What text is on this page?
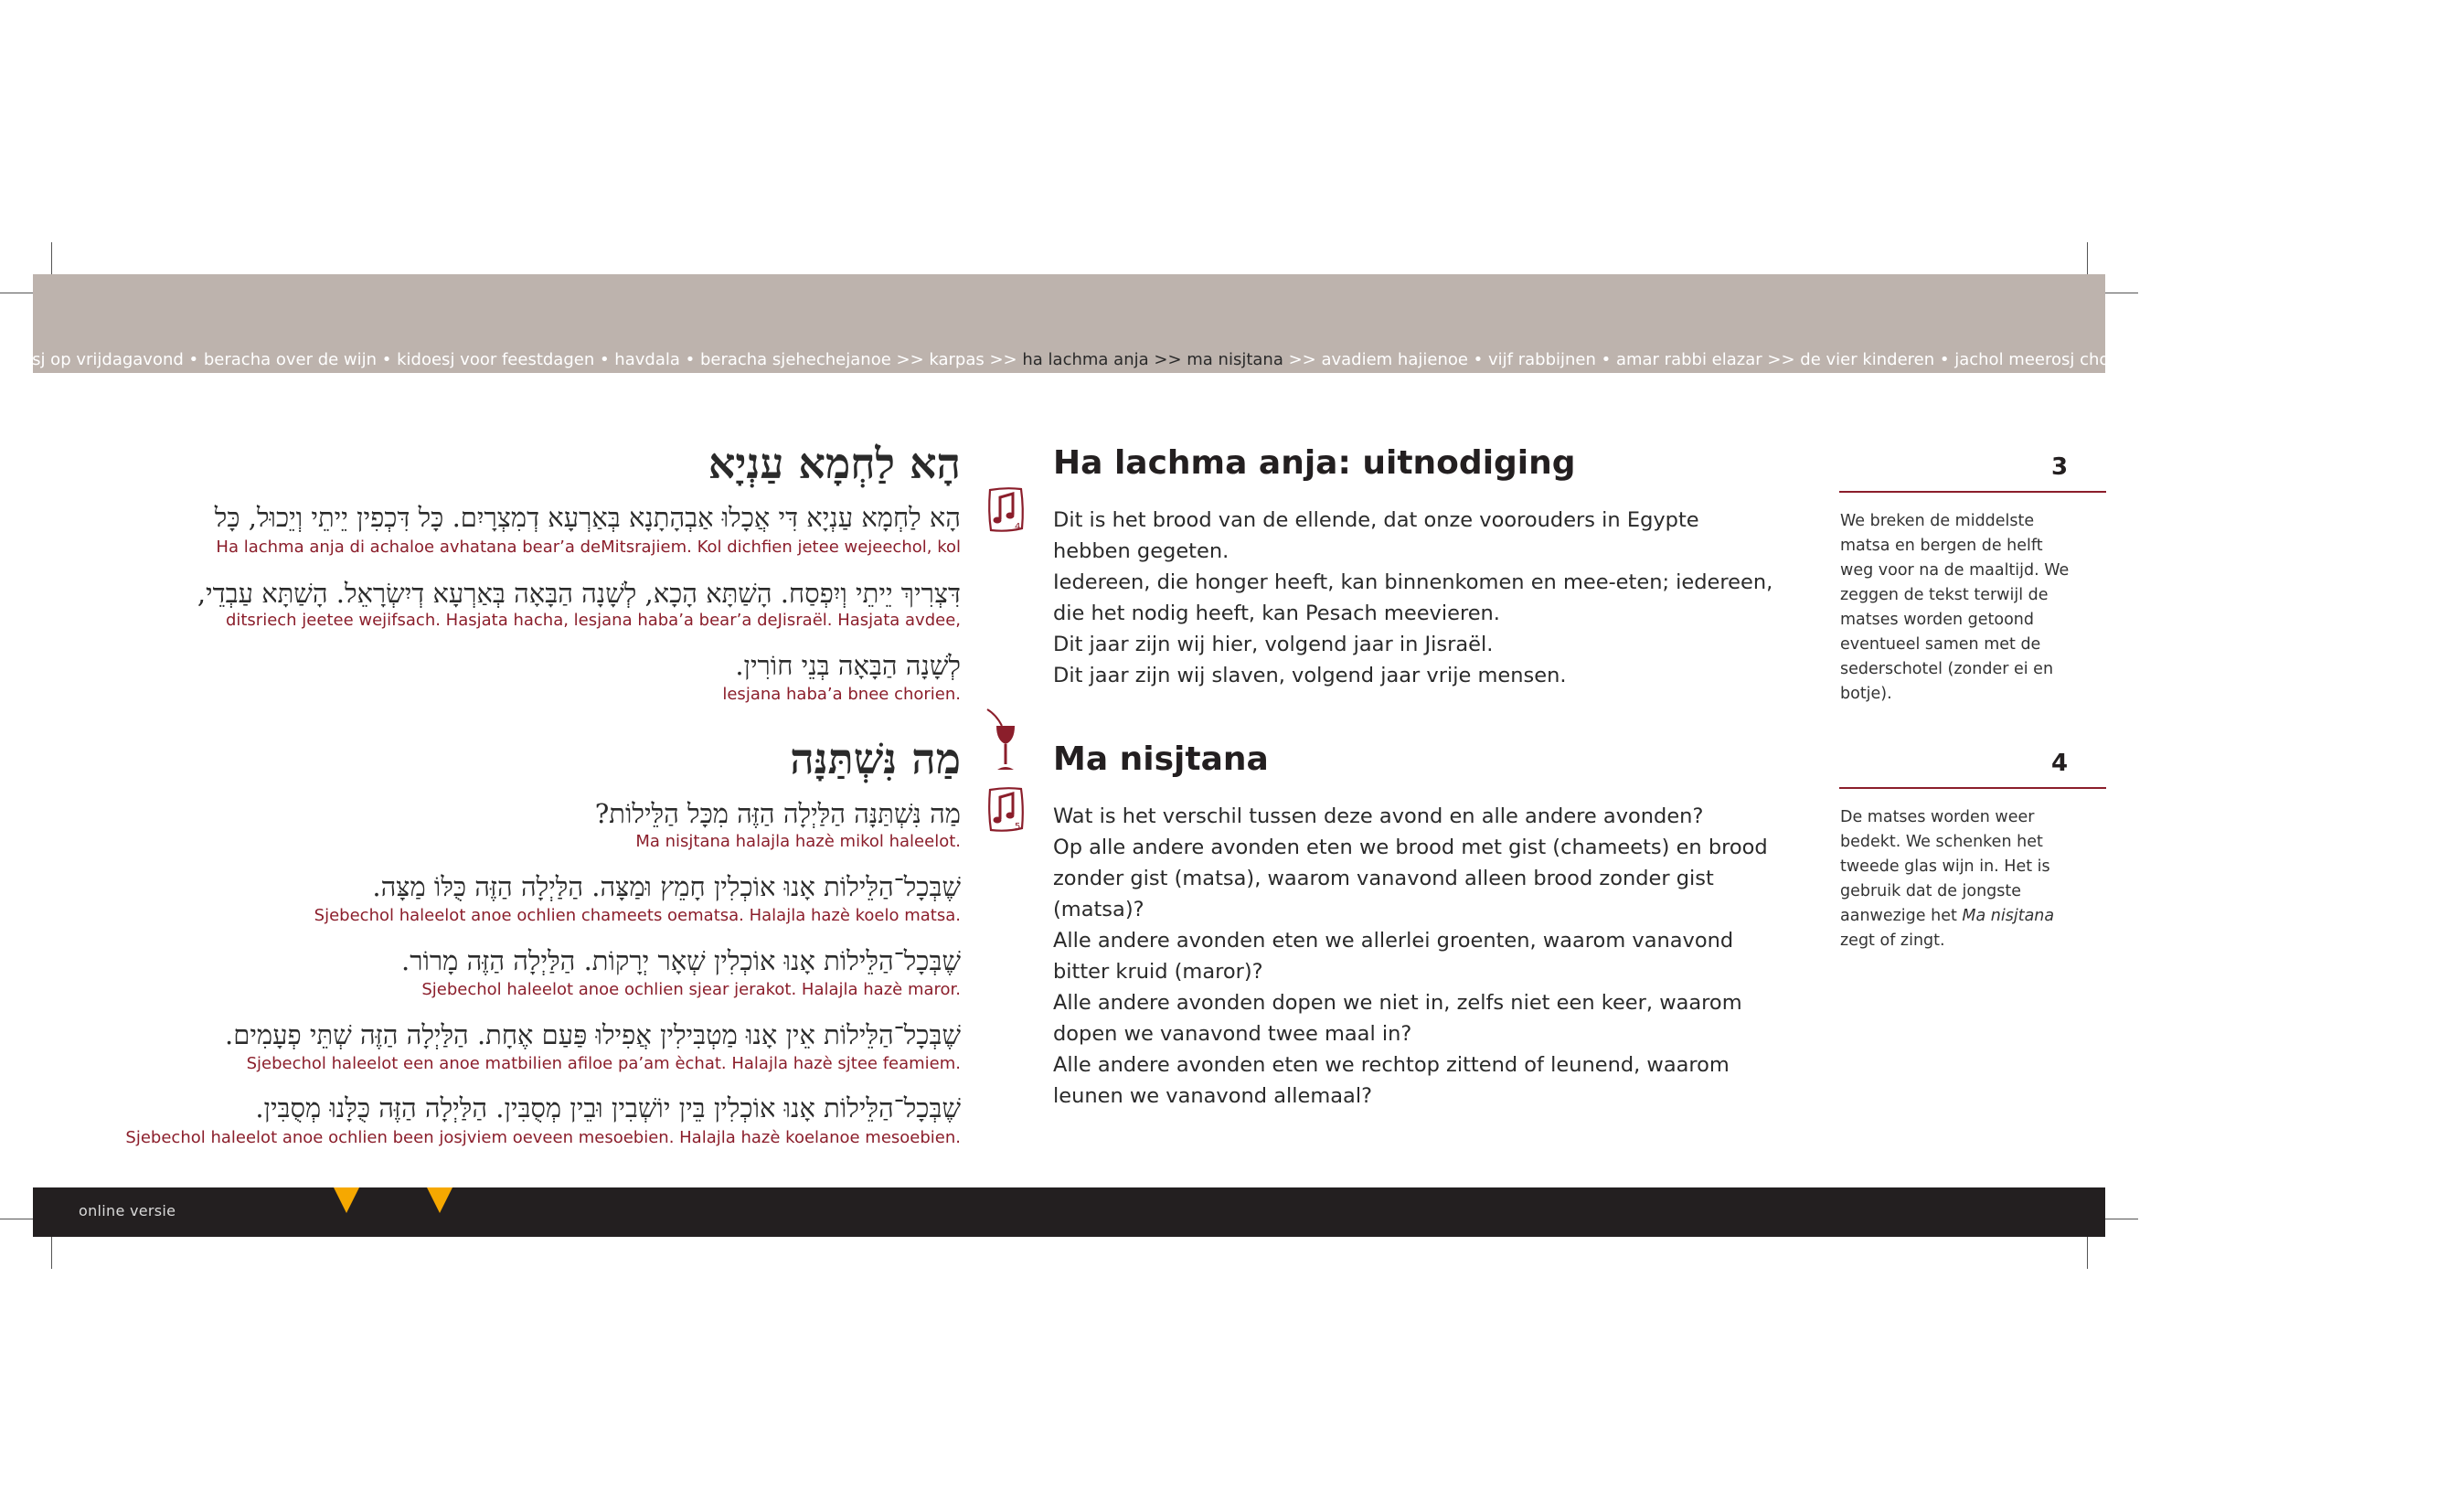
esj op vrijdagavond • beracha over de wijn • kidoesj voor feestdagen • havdala • beracha sjehechejanoe >> karpas >> ha lachma anja >> ma nisjtana >> avadiem hajienoe • vijf rabbijnen • amar rabbi elazar >> de vier kinderen • jachol meerosj chodesj • het vijfde kind >> mitchila ovdee >
הָא לַחְמָא עַנְיָא
הָא לַחְמָא עַנְיָא דִּי אֲכָלוּ אַבְהָתָנָא בְּאַרְעָא דְמִצְרָיִם. כָּל דִּכְפִין יֵיתֵי וְיֵכוּל, כָּל
Ha lachma anja di achaloe avhatana bear’a deMitsrajiem. Kol dichfien jetee wejeechol, kol
דִּצְרִיךְ יֵיתֵי וְיִפְסַח. הָשַׁתָּא הָכָא, לְשָׁנָה הַבָּאָה בְּאַרְעָא דְיִשְׂרָאֵל. הָשַׁתָּא עַבְדֵי,
ditsriech jeetee wejifsach. Hasjata hacha, lesjana haba’a bear’a deJisraël. Hasjata avdee,
לְשָׁנָה הַבָּאָה בְּנֵי חוֹרִין.
lesjana haba’a bnee chorien.
4
Ha lachma anja: uitnodiging	3
Dit is het brood van de ellende, dat onze voorouders in Egypte hebben gegeten.
Iedereen, die honger heeft, kan binnenkomen en mee-eten; iedereen, die het nodig heeft, kan Pesach meevieren.
Dit jaar zijn wij hier, volgend jaar in Jisraël.
Dit jaar zijn wij slaven, volgend jaar vrije mensen.
We breken de middelste matsa en bergen de helft weg voor na de maaltijd. We zeggen de tekst terwijl de matses worden getoond eventueel samen met de sederschotel (zonder ei en botje).
מַה נִּשְׁתַּנָּה
מַה נִּשְׁתַּנָּה הַלַּיְלָה הַזֶּה מִכָּל הַלֵּילוֹת?
Ma nisjtana halajla hazè mikol haleelot.
שֶׁבְּכָל־הַלֵּילוֹת אָנוּ אוֹכְלִין חָמֵץ וּמַצָּה. הַלַּיְלָה הַזֶּה כֻּלּוֹ מַצָּה.
Sjebechol haleelot anoe ochlien chameets oematsa. Halajla hazè koelo matsa.
שֶׁבְּכָל־הַלֵּילוֹת אָנוּ אוֹכְלִין שְׁאָר יְרָקוֹת. הַלַּיְלָה הַזֶּה מָרוֹר.
Sjebechol haleelot anoe ochlien sjear jerakot. Halajla hazè maror.
שֶׁבְּכָל־הַלֵּילוֹת אֵין אָנוּ מַטְבִּילִין אֲפִילוּ פַּעַם אֶחָת. הַלַּיְלָה הַזֶּה שְׁתֵּי פְעָמִים.
Sjebechol haleelot een anoe matbilien afiloe pa’am èchat. Halajla hazè sjtee feamiem.
שֶׁבְּכָל־הַלֵּילוֹת אָנוּ אוֹכְלִין בֵּין יוֹשְׁבִין וּבֵין מְסֻבִּין. הַלַּיְלָה הַזֶּה כֻּלָּנוּ מְסֻבִּין.
Sjebechol haleelot anoe ochlien been josjviem oeveen mesoebien. Halajla hazè koelanoe mesoebien.
5
Ma nisjtana	4
Wat is het verschil tussen deze avond en alle andere avonden?
Op alle andere avonden eten we brood met gist (chameets) en brood zonder gist (matsa), waarom vanavond alleen brood zonder gist (matsa)?
Alle andere avonden eten we allerlei groenten, waarom vanavond bitter kruid (maror)?
Alle andere avonden dopen we niet in, zelfs niet een keer, waarom dopen we vanavond twee maal in?
Alle andere avonden eten we rechtop zittend of leunend, waarom leunen we vanavond allemaal?
De matses worden weer bedekt. We schenken het tweede glas wijn in. Het is gebruik dat de jongste aanwezige het Ma nisjtana zegt of zingt.
online versie
